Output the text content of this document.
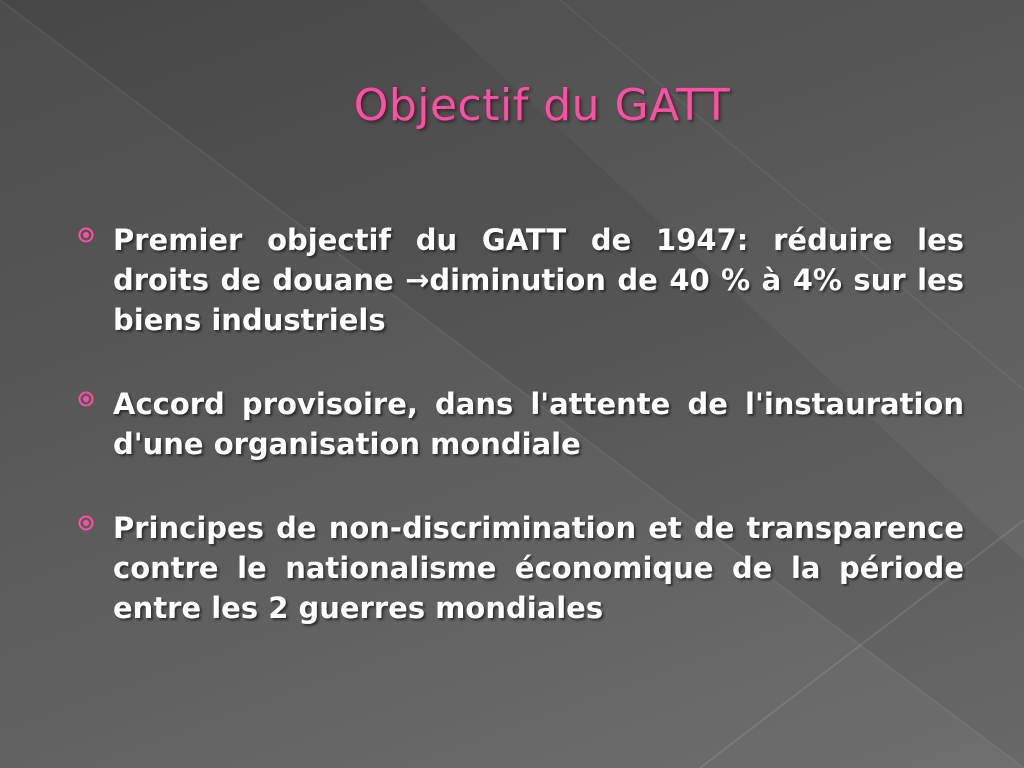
Objectif du GATT
Premier objectif du GATT de 1947: réduire les droits de douane →diminution de 40 % à 4% sur les biens industriels
Accord provisoire, dans l'attente de l'instauration d'une organisation mondiale
Principes de non-discrimination et de transparence contre le nationalisme économique de la période entre les 2 guerres mondiales
